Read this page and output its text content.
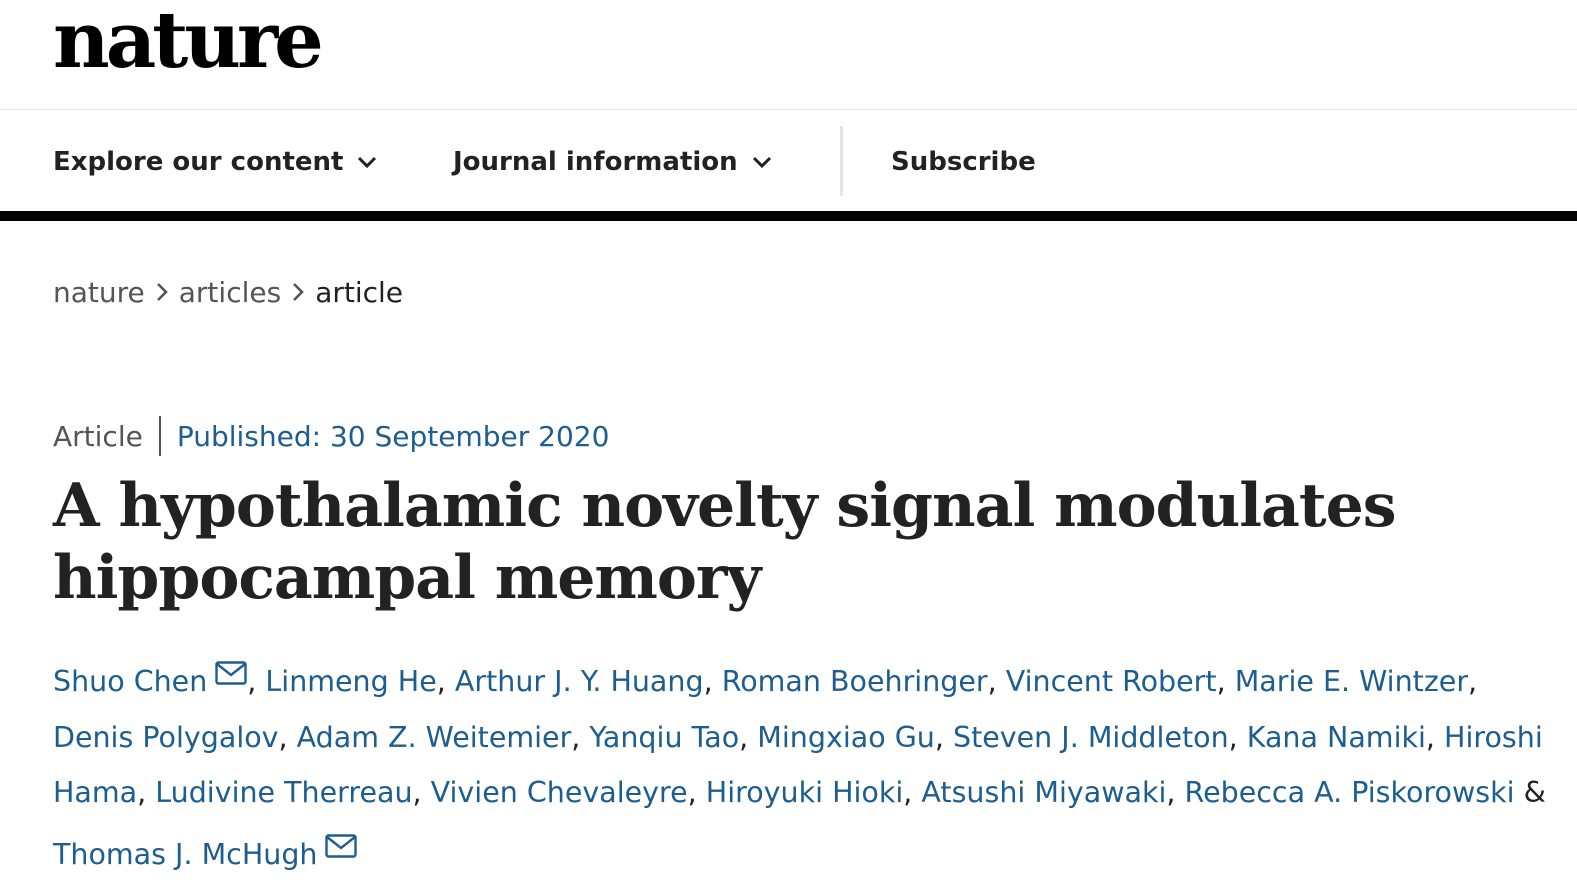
nature
Explore our content	Journal information	Subscribe
nature articles article
Article Published: 30 September 2020
A hypothalamic novelty signal modulates hippocampal memory
Shuo Chen , Linmeng He, Arthur J. Y. Huang, Roman Boehringer, Vincent Robert, Marie E. Wintzer, Denis Polygalov, Adam Z. Weitemier, Yanqiu Tao, Mingxiao Gu, Steven J. Middleton, Kana Namiki, Hiroshi Hama, Ludivine Therreau, Vivien Chevaleyre, Hiroyuki Hioki, Atsushi Miyawaki, Rebecca A. Piskorowski & Thomas J. McHugh
